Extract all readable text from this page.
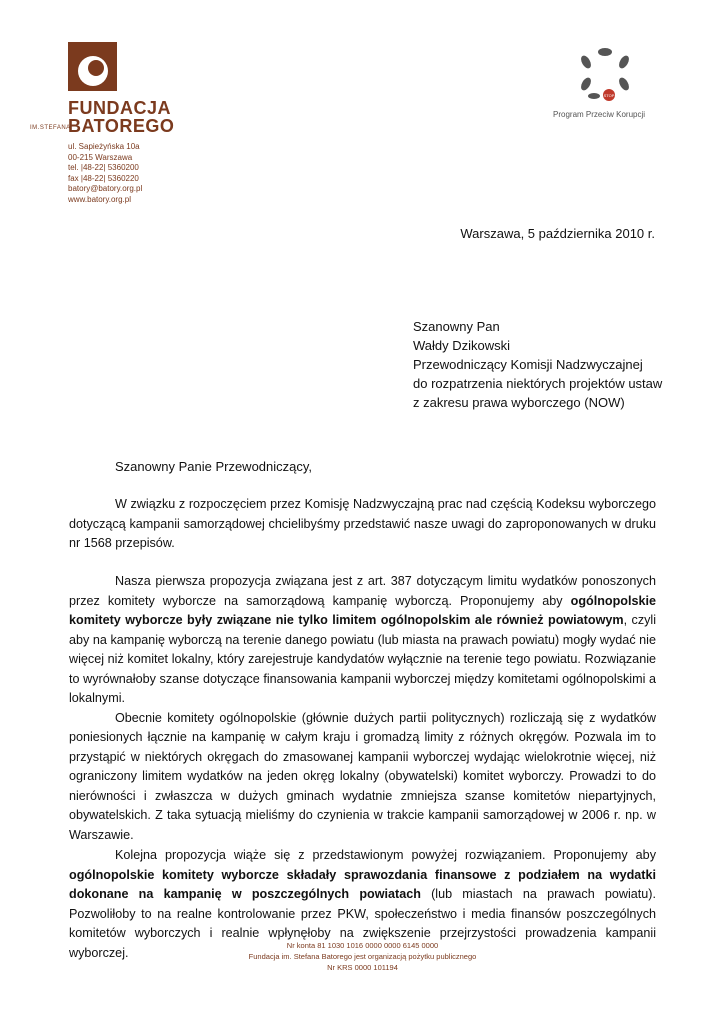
IM.STEFANA
FUNDACJA
BATOREGO
ul. Sapieżyńska 10a
00-215 Warszawa
tel. |48-22| 5360200
fax |48-22| 5360220
batory@batory.org.pl
www.batory.org.pl
STOP
Program Przeciw Korupcji
Warszawa, 5 października 2010 r.
Szanowny Pan
Wałdy Dzikowski
Przewodniczący Komisji Nadzwyczajnej
do rozpatrzenia niektórych projektów ustaw
z zakresu prawa wyborczego (NOW)
Szanowny Panie Przewodniczący,

W związku z rozpoczęciem przez Komisję Nadzwyczajną prac nad częścią Kodeksu wyborczego dotyczącą kampanii samorządowej chcielibyśmy przedstawić nasze uwagi do zaproponowanych w druku nr 1568 przepisów.

Nasza pierwsza propozycja związana jest z art. 387 dotyczącym limitu wydatków ponoszonych przez komitety wyborcze na samorządową kampanię wyborczą. Proponujemy aby ogólnopolskie komitety wyborcze były związane nie tylko limitem ogólnopolskim ale również powiatowym, czyli aby na kampanię wyborczą na terenie danego powiatu (lub miasta na prawach powiatu) mogły wydać nie więcej niż komitet lokalny, który zarejestruje kandydatów wyłącznie na terenie tego powiatu. Rozwiązanie to wyrównałoby szanse dotyczące finansowania kampanii wyborczej między komitetami ogólnopolskimi a lokalnymi.

Obecnie komitety ogólnopolskie (głównie dużych partii politycznych) rozliczają się z wydatków poniesionych łącznie na kampanię w całym kraju i gromadzą limity z różnych okręgów. Pozwala im to przystąpić w niektórych okręgach do zmasowanej kampanii wyborczej wydając wielokrotnie więcej, niż ograniczony limitem wydatków na jeden okręg lokalny (obywatelski) komitet wyborczy. Prowadzi to do nierówności i zwłaszcza w dużych gminach wydatnie zmniejsza szanse komitetów niepartyjnych, obywatelskich. Z taka sytuacją mieliśmy do czynienia w trakcie kampanii samorządowej w 2006 r. np. w Warszawie.

Kolejna propozycja wiąże się z przedstawionym powyżej rozwiązaniem. Proponujemy aby ogólnopolskie komitety wyborcze składały sprawozdania finansowe z podziałem na wydatki dokonane na kampanię w poszczególnych powiatach (lub miastach na prawach powiatu). Pozwoliłoby to na realne kontrolowanie przez PKW, społeczeństwo i media finansów poszczególnych komitetów wyborczych i realnie wpłynęłoby na zwiększenie przejrzystości prowadzenia kampanii wyborczej.	Nr konta 81 1030 1016 0000 0000 6145 0000
Fundacja im. Stefana Batorego jest organizacją pożytku publicznego
Nr KRS 0000 101194
